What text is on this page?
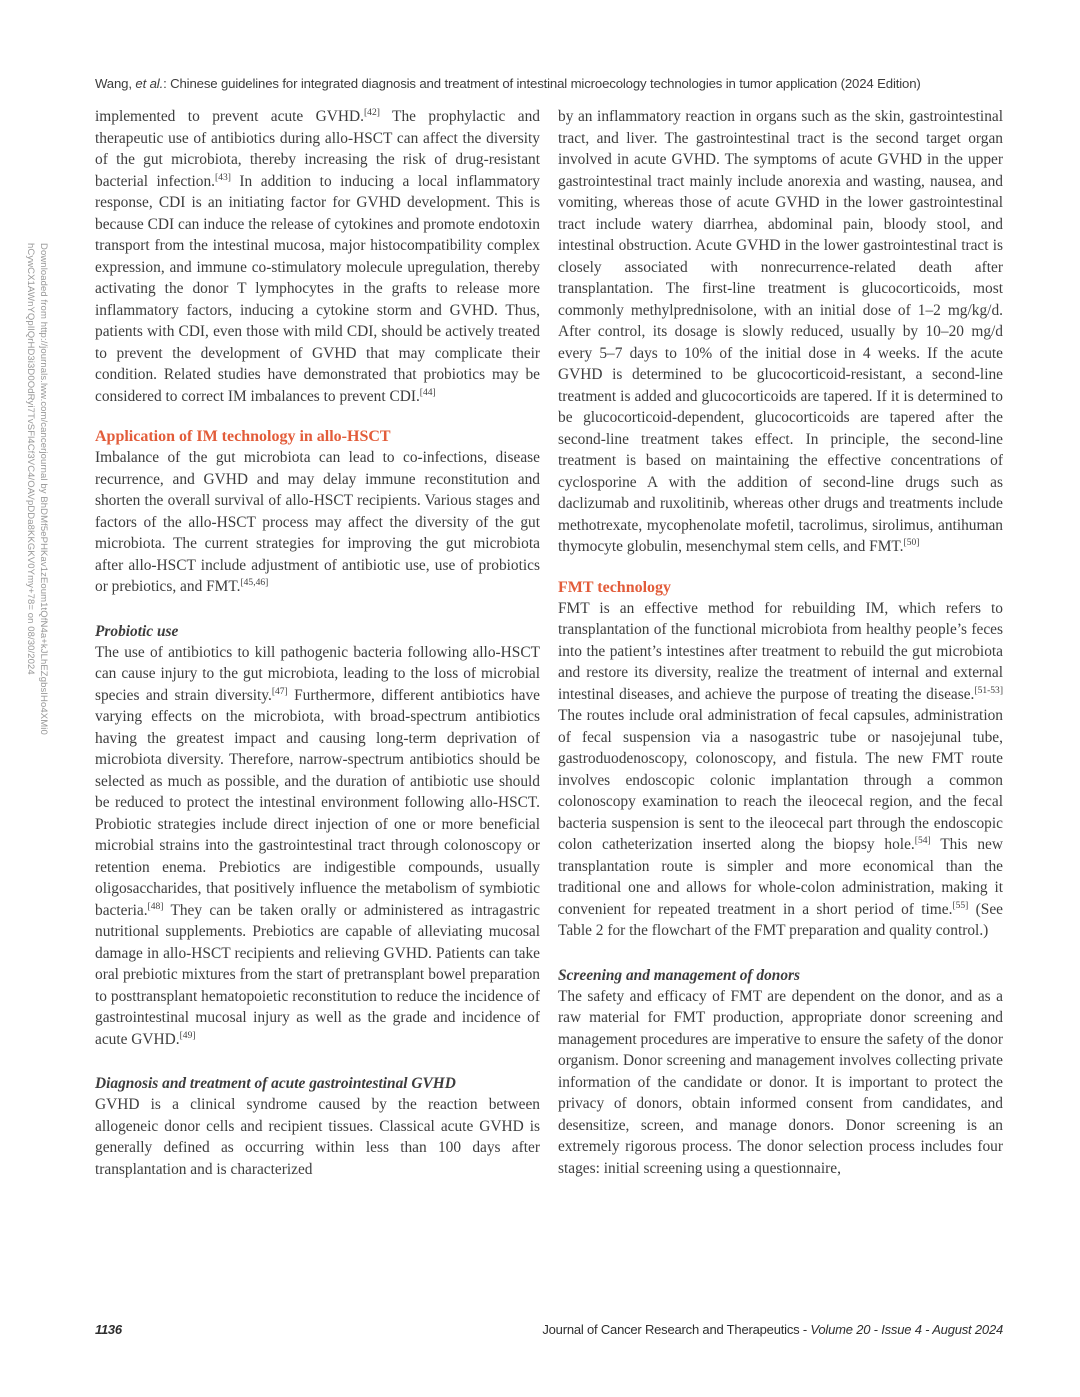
Downloaded from http://journals.lww.com/cancerjournal by BhDMf5ePHKav1zEoum1tQfN4a+kJLhEZgbsIHo4XMi0
hCywCX1AWnYQpIlQrHD3i3D0OdRyi7TvSFl4Cf3VC4/OAVpDDa8KKGKV0Ymy+78= on 08/30/2024
Wang, et al.: Chinese guidelines for integrated diagnosis and treatment of intestinal microecology technologies in tumor application (2024 Edition)

implemented to prevent acute GVHD.[42] The prophylactic and therapeutic use of antibiotics during allo-HSCT can affect the diversity of the gut microbiota, thereby increasing the risk of drug-resistant bacterial infection.[43] In addition to inducing a local inflammatory response, CDI is an initiating factor for GVHD development. This is because CDI can induce the release of cytokines and promote endotoxin transport from the intestinal mucosa, major histocompatibility complex expression, and immune co-stimulatory molecule upregulation, thereby activating the donor T lymphocytes in the grafts to release more inflammatory factors, inducing a cytokine storm and GVHD. Thus, patients with CDI, even those with mild CDI, should be actively treated to prevent the development of GVHD that may complicate their condition. Related studies have demonstrated that probiotics may be considered to correct IM imbalances to prevent CDI.[44]

Application of IM technology in allo-HSCT

Imbalance of the gut microbiota can lead to co-infections, disease recurrence, and GVHD and may delay immune reconstitution and shorten the overall survival of allo-HSCT recipients. Various stages and factors of the allo-HSCT process may affect the diversity of the gut microbiota. The current strategies for improving the gut microbiota after allo-HSCT include adjustment of antibiotic use, use of probiotics or prebiotics, and FMT.[45,46]

Probiotic use

The use of antibiotics to kill pathogenic bacteria following allo-HSCT can cause injury to the gut microbiota, leading to the loss of microbial species and strain diversity.[47] Furthermore, different antibiotics have varying effects on the microbiota, with broad-spectrum antibiotics having the greatest impact and causing long-term deprivation of microbiota diversity. Therefore, narrow-spectrum antibiotics should be selected as much as possible, and the duration of antibiotic use should be reduced to protect the intestinal environment following allo-HSCT. Probiotic strategies include direct injection of one or more beneficial microbial strains into the gastrointestinal tract through colonoscopy or retention enema. Prebiotics are indigestible compounds, usually oligosaccharides, that positively influence the metabolism of symbiotic bacteria.[48] They can be taken orally or administered as intragastric nutritional supplements. Prebiotics are capable of alleviating mucosal damage in allo-HSCT recipients and relieving GVHD. Patients can take oral prebiotic mixtures from the start of pretransplant bowel preparation to posttransplant hematopoietic reconstitution to reduce the incidence of gastrointestinal mucosal injury as well as the grade and incidence of acute GVHD.[49]

Diagnosis and treatment of acute gastrointestinal GVHD

GVHD is a clinical syndrome caused by the reaction between allogeneic donor cells and recipient tissues. Classical acute GVHD is generally defined as occurring within less than 100 days after transplantation and is characterized

by an inflammatory reaction in organs such as the skin, gastrointestinal tract, and liver. The gastrointestinal tract is the second target organ involved in acute GVHD. The symptoms of acute GVHD in the upper gastrointestinal tract mainly include anorexia and wasting, nausea, and vomiting, whereas those of acute GVHD in the lower gastrointestinal tract include watery diarrhea, abdominal pain, bloody stool, and intestinal obstruction. Acute GVHD in the lower gastrointestinal tract is closely associated with nonrecurrence-related death after transplantation. The first-line treatment is glucocorticoids, most commonly methylprednisolone, with an initial dose of 1–2 mg/kg/d. After control, its dosage is slowly reduced, usually by 10–20 mg/d every 5–7 days to 10% of the initial dose in 4 weeks. If the acute GVHD is determined to be glucocorticoid-resistant, a second-line treatment is added and glucocorticoids are tapered. If it is determined to be glucocorticoid-dependent, glucocorticoids are tapered after the second-line treatment takes effect. In principle, the second-line treatment is based on maintaining the effective concentrations of cyclosporine A with the addition of second-line drugs such as daclizumab and ruxolitinib, whereas other drugs and treatments include methotrexate, mycophenolate mofetil, tacrolimus, sirolimus, antihuman thymocyte globulin, mesenchymal stem cells, and FMT.[50]

FMT technology

FMT is an effective method for rebuilding IM, which refers to transplantation of the functional microbiota from healthy people’s feces into the patient’s intestines after treatment to rebuild the gut microbiota and restore its diversity, realize the treatment of internal and external intestinal diseases, and achieve the purpose of treating the disease.[51-53] The routes include oral administration of fecal capsules, administration of fecal suspension via a nasogastric tube or nasojejunal tube, gastroduodenoscopy, colonoscopy, and fistula. The new FMT route involves endoscopic colonic implantation through a common colonoscopy examination to reach the ileocecal region, and the fecal bacteria suspension is sent to the ileocecal part through the endoscopic colon catheterization inserted along the biopsy hole.[54] This new transplantation route is simpler and more economical than the traditional one and allows for whole-colon administration, making it convenient for repeated treatment in a short period of time.[55] (See Table 2 for the flowchart of the FMT preparation and quality control.)

Screening and management of donors

The safety and efficacy of FMT are dependent on the donor, and as a raw material for FMT production, appropriate donor screening and management procedures are imperative to ensure the safety of the donor organism. Donor screening and management involves collecting private information of the candidate or donor. It is important to protect the privacy of donors, obtain informed consent from candidates, and desensitize, screen, and manage donors. Donor screening is an extremely rigorous process. The donor selection process includes four stages: initial screening using a questionnaire,

1136	Journal of Cancer Research and Therapeutics - Volume 20 - Issue 4 - August 2024
